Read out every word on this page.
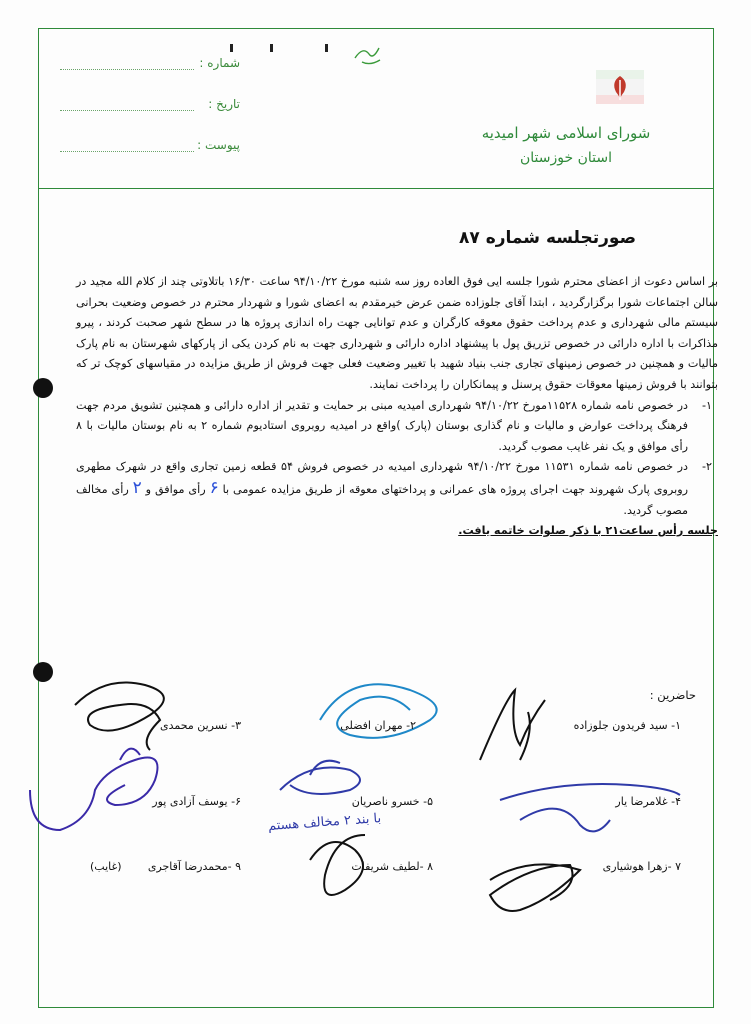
شماره :
تاریخ :
پیوست :
شورای اسلامی شهر امیدیه
استان خوزستان
صورتجلسه شماره ۸۷

بر اساس دعوت از اعضای محترم شورا جلسه ایی فوق العاده روز سه شنبه مورخ ۹۴/۱۰/۲۲ ساعت ۱۶/۳۰ باتلاوتی چند از کلام الله مجید در سالن اجتماعات شورا برگزارگردید ، ابتدا آقای جلوزاده ضمن عرض خیرمقدم به اعضای شورا و شهردار محترم در خصوص وضعیت بحرانی سیستم مالی شهرداری و عدم پرداخت حقوق معوقه کارگران و عدم توانایی جهت راه اندازی پروژه ها در سطح شهر صحبت کردند ، پیرو مذاکرات با اداره دارائی در خصوص تزریق پول با پیشنهاد اداره دارائی و شهرداری جهت به نام کردن یکی از پارکهای شهرستان به نام پارک مالیات و همچنین در خصوص زمینهای تجاری جنب بنیاد شهید با تغییر وضعیت فعلی جهت فروش از طریق مزایده در مقیاسهای کوچک تر که بتوانند با فروش زمینها معوقات حقوق پرسنل و پیمانکاران را پرداخت نمایند.

۱-
در خصوص نامه شماره ۱۱۵۲۸مورخ ۹۴/۱۰/۲۲ شهرداری امیدیه مبنی بر حمایت و تقدیر از اداره دارائی و همچنین تشویق مردم جهت فرهنگ پرداخت عوارض و مالیات و نام گذاری بوستان (پارک )واقع در امیدیه روبروی استادیوم شماره ۲ به نام بوستان مالیات با ۸ رأی موافق و یک نفر غایب مصوب گردید.
۲-
در خصوص نامه شماره ۱۱۵۳۱ مورخ ۹۴/۱۰/۲۲ شهرداری امیدیه در خصوص فروش ۵۴ قطعه زمین تجاری واقع در شهرک مطهری روبروی پارک شهروند جهت اجرای پروژه های عمرانی و پرداختهای معوقه از طریق مزایده عمومی با ۶ رأی موافق و ۲ رأی مخالف مصوب گردید.

جلسه رأس ساعت۲۱ با ذکر صلوات خاتمه یافت.

حاضرین :
۱- سید فریدون جلوزاده
۲- مهران افضلی
۳- نسرین محمدی
۴- غلامرضا یار
۵- خسرو ناصریان
۶- یوسف آزادی پور
۷ -زهرا هوشیاری
۸ -لطیف شریفات
۹ -محمدرضا آقاجری
(غایب)
با بند ۲ مخالف هستم
